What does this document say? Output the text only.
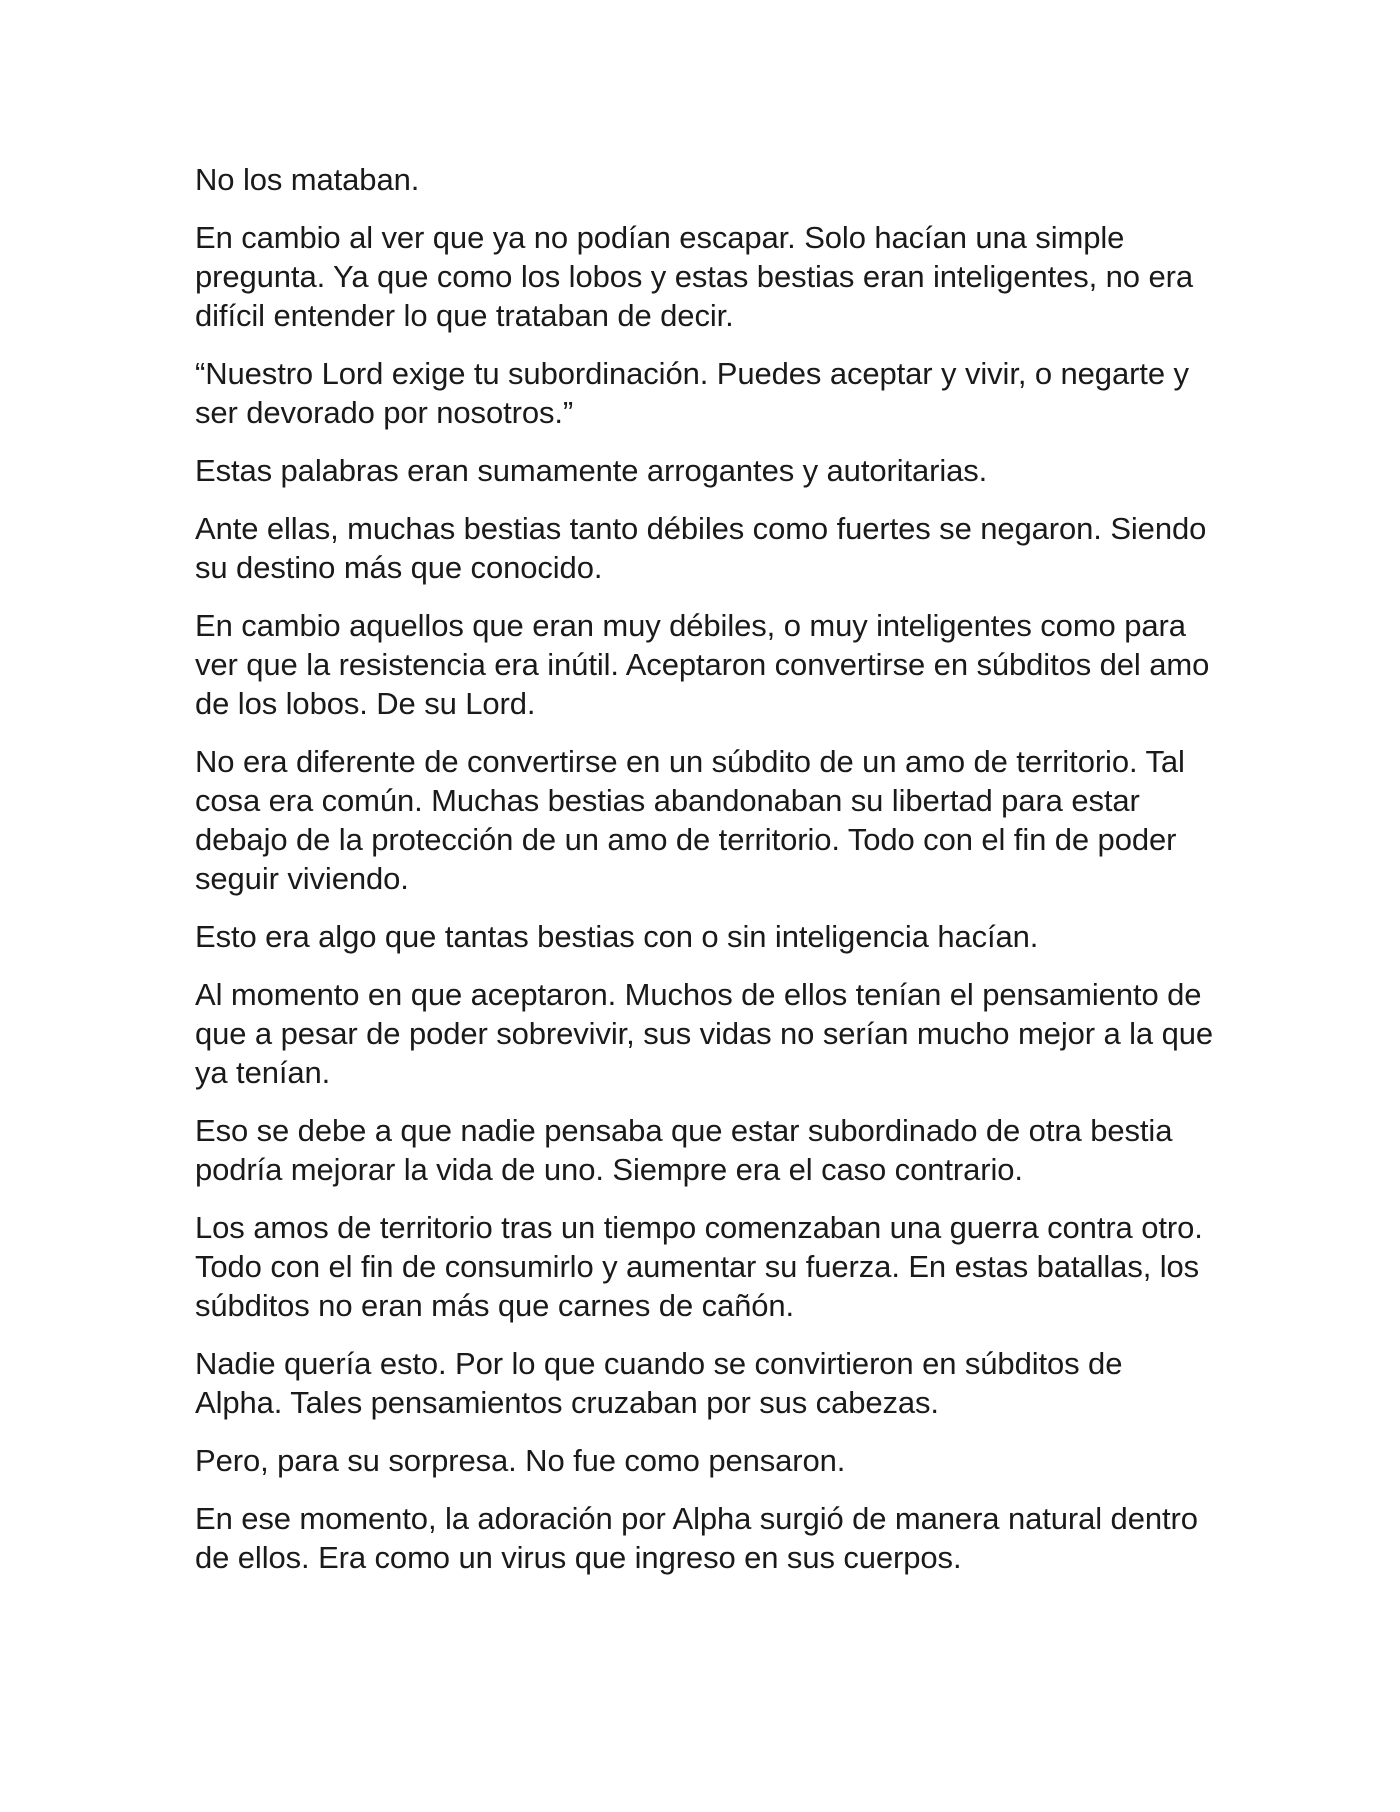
No los mataban.

En cambio al ver que ya no podían escapar. Solo hacían una simple pregunta. Ya que como los lobos y estas bestias eran inteligentes, no era difícil entender lo que trataban de decir.

“Nuestro Lord exige tu subordinación. Puedes aceptar y vivir, o negarte y ser devorado por nosotros.”

Estas palabras eran sumamente arrogantes y autoritarias.

Ante ellas, muchas bestias tanto débiles como fuertes se negaron. Siendo su destino más que conocido.

En cambio aquellos que eran muy débiles, o muy inteligentes como para ver que la resistencia era inútil. Aceptaron convertirse en súbditos del amo de los lobos. De su Lord.

No era diferente de convertirse en un súbdito de un amo de territorio. Tal cosa era común. Muchas bestias abandonaban su libertad para estar debajo de la protección de un amo de territorio. Todo con el fin de poder seguir viviendo.

Esto era algo que tantas bestias con o sin inteligencia hacían.

Al momento en que aceptaron. Muchos de ellos tenían el pensamiento de que a pesar de poder sobrevivir, sus vidas no serían mucho mejor a la que ya tenían.

Eso se debe a que nadie pensaba que estar subordinado de otra bestia podría mejorar la vida de uno. Siempre era el caso contrario.

Los amos de territorio tras un tiempo comenzaban una guerra contra otro. Todo con el fin de consumirlo y aumentar su fuerza. En estas batallas, los súbditos no eran más que carnes de cañón.

Nadie quería esto. Por lo que cuando se convirtieron en súbditos de Alpha. Tales pensamientos cruzaban por sus cabezas.

Pero, para su sorpresa. No fue como pensaron.

En ese momento, la adoración por Alpha surgió de manera natural dentro de ellos. Era como un virus que ingreso en sus cuerpos.
